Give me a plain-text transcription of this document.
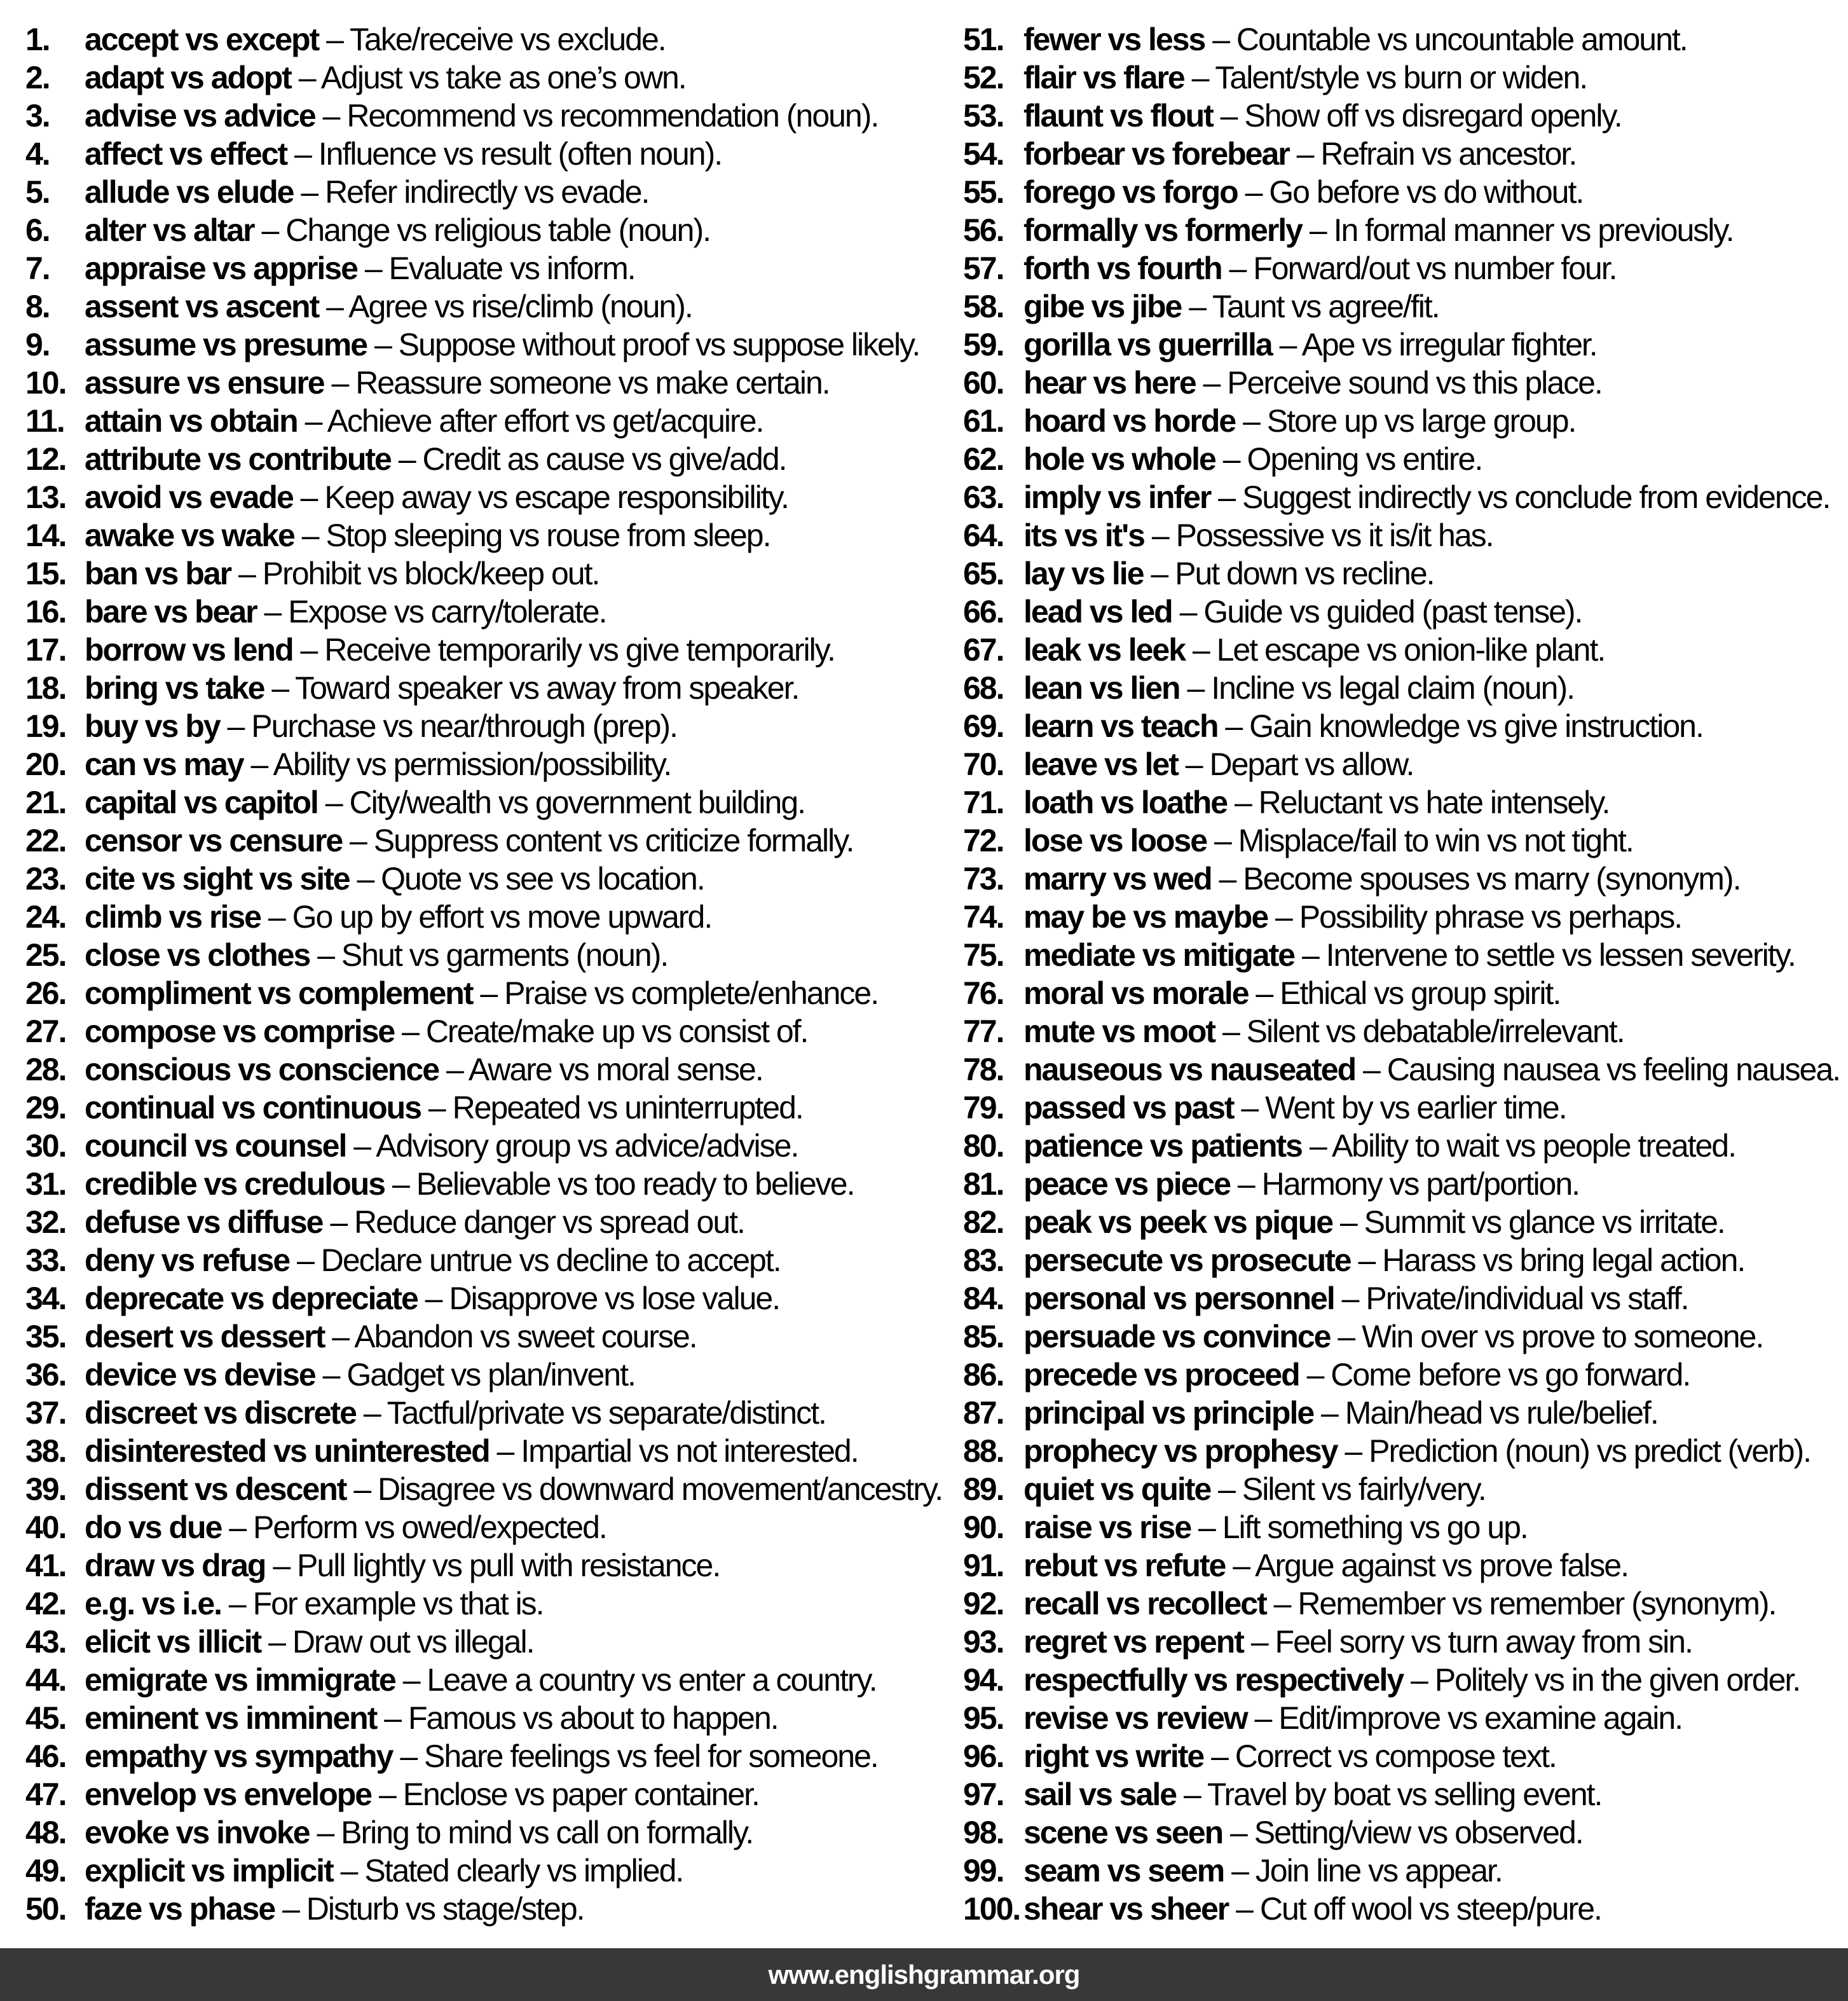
1.	accept vs except – Take/receive vs exclude.
2.	adapt vs adopt – Adjust vs take as one’s own.
3.	advise vs advice – Recommend vs recommendation (noun).
4.	affect vs effect – Influence vs result (often noun).
5.	allude vs elude – Refer indirectly vs evade.
6.	alter vs altar – Change vs religious table (noun).
7.	appraise vs apprise – Evaluate vs inform.
8.	assent vs ascent – Agree vs rise/climb (noun).
9.	assume vs presume – Suppose without proof vs suppose likely.
10. assure vs ensure – Reassure someone vs make certain.
11. attain vs obtain – Achieve after effort vs get/acquire.
12. attribute vs contribute – Credit as cause vs give/add.
13. avoid vs evade – Keep away vs escape responsibility.
14. awake vs wake – Stop sleeping vs rouse from sleep.
15. ban vs bar – Prohibit vs block/keep out.
16. bare vs bear – Expose vs carry/tolerate.
17. borrow vs lend – Receive temporarily vs give temporarily.
18. bring vs take – Toward speaker vs away from speaker.
19. buy vs by – Purchase vs near/through (prep).
20. can vs may – Ability vs permission/possibility.
21. capital vs capitol – City/wealth vs government building.
22. censor vs censure – Suppress content vs criticize formally.
23. cite vs sight vs site – Quote vs see vs location.
24. climb vs rise – Go up by effort vs move upward.
25. close vs clothes – Shut vs garments (noun).
26. compliment vs complement – Praise vs complete/enhance.
27. compose vs comprise – Create/make up vs consist of.
28. conscious vs conscience – Aware vs moral sense.
29. continual vs continuous – Repeated vs uninterrupted.
30. council vs counsel – Advisory group vs advice/advise.
31. credible vs credulous – Believable vs too ready to believe.
32. defuse vs diffuse – Reduce danger vs spread out.
33. deny vs refuse – Declare untrue vs decline to accept.
34. deprecate vs depreciate – Disapprove vs lose value.
35. desert vs dessert – Abandon vs sweet course.
36. device vs devise – Gadget vs plan/invent.
37. discreet vs discrete – Tactful/private vs separate/distinct.
38. disinterested vs uninterested – Impartial vs not interested.
39. dissent vs descent – Disagree vs downward movement/ancestry.
40. do vs due – Perform vs owed/expected.
41. draw vs drag – Pull lightly vs pull with resistance.
42. e.g. vs i.e. – For example vs that is.
43. elicit vs illicit – Draw out vs illegal.
44. emigrate vs immigrate – Leave a country vs enter a country.
45. eminent vs imminent – Famous vs about to happen.
46. empathy vs sympathy – Share feelings vs feel for someone.
47. envelop vs envelope – Enclose vs paper container.
48. evoke vs invoke – Bring to mind vs call on formally.
49. explicit vs implicit – Stated clearly vs implied.
50. faze vs phase – Disturb vs stage/step.
51. fewer vs less – Countable vs uncountable amount.
52. flair vs flare – Talent/style vs burn or widen.
53. flaunt vs flout – Show off vs disregard openly.
54. forbear vs forebear – Refrain vs ancestor.
55. forego vs forgo – Go before vs do without.
56. formally vs formerly – In formal manner vs previously.
57. forth vs fourth – Forward/out vs number four.
58. gibe vs jibe – Taunt vs agree/fit.
59. gorilla vs guerrilla – Ape vs irregular fighter.
60. hear vs here – Perceive sound vs this place.
61. hoard vs horde – Store up vs large group.
62. hole vs whole – Opening vs entire.
63. imply vs infer – Suggest indirectly vs conclude from evidence.
64. its vs it's – Possessive vs it is/it has.
65. lay vs lie – Put down vs recline.
66. lead vs led – Guide vs guided (past tense).
67. leak vs leek – Let escape vs onion-like plant.
68. lean vs lien – Incline vs legal claim (noun).
69. learn vs teach – Gain knowledge vs give instruction.
70. leave vs let – Depart vs allow.
71. loath vs loathe – Reluctant vs hate intensely.
72. lose vs loose – Misplace/fail to win vs not tight.
73. marry vs wed – Become spouses vs marry (synonym).
74. may be vs maybe – Possibility phrase vs perhaps.
75. mediate vs mitigate – Intervene to settle vs lessen severity.
76. moral vs morale – Ethical vs group spirit.
77. mute vs moot – Silent vs debatable/irrelevant.
78. nauseous vs nauseated – Causing nausea vs feeling nausea.
79. passed vs past – Went by vs earlier time.
80. patience vs patients – Ability to wait vs people treated.
81. peace vs piece – Harmony vs part/portion.
82. peak vs peek vs pique – Summit vs glance vs irritate.
83. persecute vs prosecute – Harass vs bring legal action.
84. personal vs personnel – Private/individual vs staff.
85. persuade vs convince – Win over vs prove to someone.
86. precede vs proceed – Come before vs go forward.
87. principal vs principle – Main/head vs rule/belief.
88. prophecy vs prophesy – Prediction (noun) vs predict (verb).
89. quiet vs quite – Silent vs fairly/very.
90. raise vs rise – Lift something vs go up.
91. rebut vs refute – Argue against vs prove false.
92. recall vs recollect – Remember vs remember (synonym).
93. regret vs repent – Feel sorry vs turn away from sin.
94. respectfully vs respectively – Politely vs in the given order.
95. revise vs review – Edit/improve vs examine again.
96. right vs write – Correct vs compose text.
97. sail vs sale – Travel by boat vs selling event.
98. scene vs seen – Setting/view vs observed.
99. seam vs seem – Join line vs appear.
100. shear vs sheer – Cut off wool vs steep/pure.
www.englishgrammar.org
